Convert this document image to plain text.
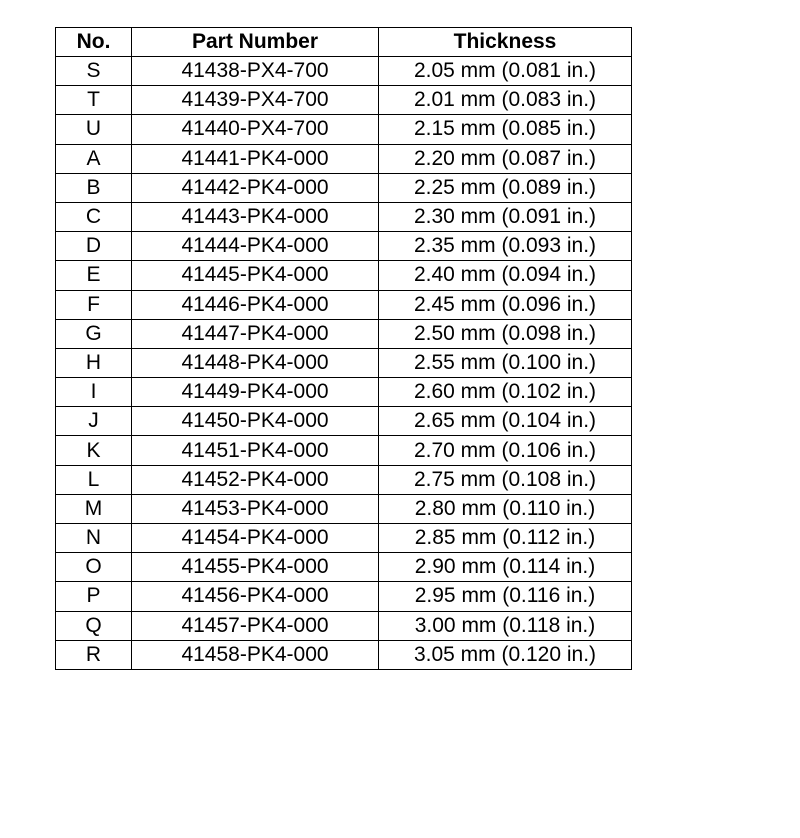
No.	Part Number	Thickness
S	41438-PX4-700	2.05 mm (0.081 in.)
T	41439-PX4-700	2.01 mm (0.083 in.)
U	41440-PX4-700	2.15 mm (0.085 in.)
A	41441-PK4-000	2.20 mm (0.087 in.)
B	41442-PK4-000	2.25 mm (0.089 in.)
C	41443-PK4-000	2.30 mm (0.091 in.)
D	41444-PK4-000	2.35 mm (0.093 in.)
E	41445-PK4-000	2.40 mm (0.094 in.)
F	41446-PK4-000	2.45 mm (0.096 in.)
G	41447-PK4-000	2.50 mm (0.098 in.)
H	41448-PK4-000	2.55 mm (0.100 in.)
I	41449-PK4-000	2.60 mm (0.102 in.)
J	41450-PK4-000	2.65 mm (0.104 in.)
K	41451-PK4-000	2.70 mm (0.106 in.)
L	41452-PK4-000	2.75 mm (0.108 in.)
M	41453-PK4-000	2.80 mm (0.110 in.)
N	41454-PK4-000	2.85 mm (0.112 in.)
O	41455-PK4-000	2.90 mm (0.114 in.)
P	41456-PK4-000	2.95 mm (0.116 in.)
Q	41457-PK4-000	3.00 mm (0.118 in.)
R	41458-PK4-000	3.05 mm (0.120 in.)
